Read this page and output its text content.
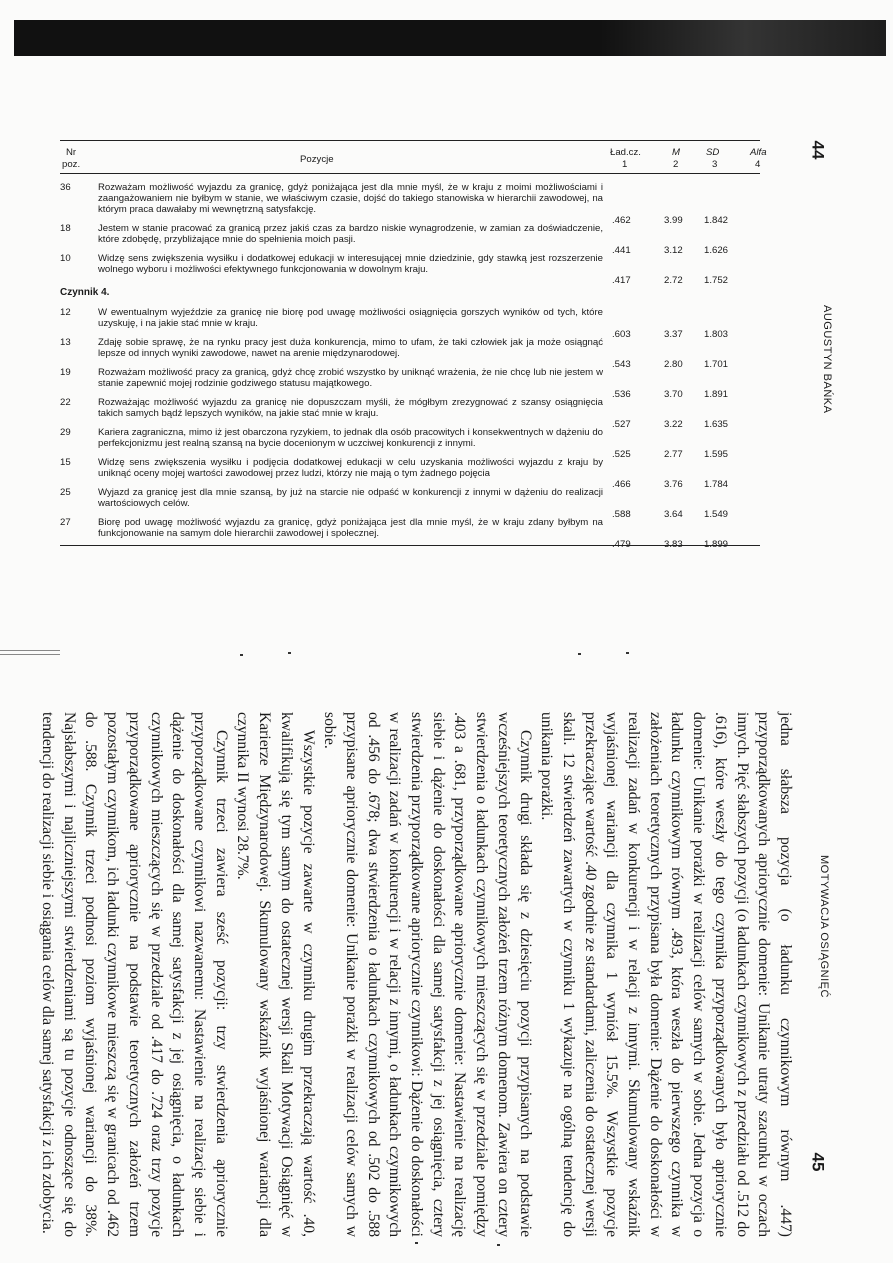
44
AUGUSTYN BAŃKA
Nr
poz.	Pozycje
Ład.cz.	M	SD	Alfa
1	2	3	4
36	Rozważam możliwość wyjazdu za granicę, gdyż poniżająca jest dla mnie myśl, że w kraju z moimi możliwościami i zaangażowaniem nie byłbym w stanie, we właściwym czasie, dojść do takiego stanowiska w hierarchii zawodowej, na którym praca dawałaby mi wewnętrzną satysfakcję.
.462	3.99 1.842
18	Jestem w stanie pracować za granicą przez jakiś czas za bardzo niskie wynagrodzenie, w zamian za doświadczenie, które zdobędę, przybliżające mnie do spełnienia moich pasji.
.441	3.12 1.626
10	Widzę sens zwiększenia wysiłku i dodatkowej edukacji w interesującej mnie dziedzinie, gdy stawką jest rozszerzenie wolnego wyboru i możliwości efektywnego funkcjonowania w dowolnym kraju.
.417	2.72 1.752
Czynnik 4.
12	W ewentualnym wyjeździe za granicę nie biorę pod uwagę możliwości osiągnięcia gorszych wyników od tych, które uzyskuję, i na jakie stać mnie w kraju.
.603	3.37 1.803
13	Zdaję sobie sprawę, że na rynku pracy jest duża konkurencja, mimo to ufam, że taki człowiek jak ja może osiągnąć lepsze od innych wyniki zawodowe, nawet na arenie międzynarodowej.
.543	2.80 1.701
19	Rozważam możliwość pracy za granicą, gdyż chcę zrobić wszystko by uniknąć wrażenia, że nie chcę lub nie jestem w stanie zapewnić mojej rodzinie godziwego statusu majątkowego.
.536	3.70 1.891
22	Rozważając możliwość wyjazdu za granicę nie dopuszczam myśli, że mógłbym zrezygnować z szansy osiągnięcia takich samych bądź lepszych wyników, na jakie stać mnie w kraju.
.527	3.22 1.635
29	Kariera zagraniczna, mimo iż jest obarczona ryzykiem, to jednak dla osób pracowitych i konsekwentnych w dążeniu do perfekcjonizmu jest realną szansą na bycie docenionym w uczciwej konkurencji z innymi.
.525	2.77 1.595
15	Widzę sens zwiększenia wysiłku i podjęcia dodatkowej edukacji w celu uzyskania możliwości wyjazdu z kraju by uniknąć oceny mojej wartości zawodowej przez ludzi, którzy nie mają o tym żadnego pojęcia
.466	3.76 1.784
25	Wyjazd za granicę jest dla mnie szansą, by już na starcie nie odpaść w konkurencji z innymi w dążeniu do realizacji wartościowych celów.
.588	3.64 1.549
27	Biorę pod uwagę możliwość wyjazdu za granicę, gdyż poniżająca jest dla mnie myśl, że w kraju zdany byłbym na funkcjonowanie na samym dole hierarchii zawodowej i społecznej.
.479	3.83 1.899
MOTYWACJA OSIĄGNIĘĆ
45

jedna słabsza pozycja (o ładunku czynnikowym równym .447) przyporządkowanych apriorycznie domenie: Unikanie utraty szacunku w oczach innych. Pięć słabszych pozycji (o ładunkach czynnikowych z przedziału od .512 do .616), które weszły do tego czynnika przyporządkowanych było apriorycznie domenie: Unikanie porażki w realizacji celów samych w sobie. Jedna pozycja o ładunku czynnikowym równym .493, która weszła do pierwszego czynnika w założeniach teoretycznych przypisana była domenie: Dążenie do doskonałości w realizacji zadań w konkurencji i w relacji z innymi. Skumulowany wskaźnik wyjaśnionej wariancji dla czynnika 1 wyniósł 15.5%. Wszystkie pozycje przekraczające wartość .40 zgodnie ze standardami, zaliczenia do ostatecznej wersji skali. 12 stwierdzeń zawartych w czynniku 1 wykazuje na ogólną tendencję do unikania porażki.

Czynnik drugi składa się z dziesięciu pozycji przypisanych na podstawie wcześniejszych teoretycznych założeń trzem różnym domenom. Zawiera on cztery stwierdzenia o ładunkach czynnikowych mieszczących się w przedziale pomiędzy .403 a .681, przyporządkowane apriorycznie domenie: Nastawienie na realizację siebie i dążenie do doskonałości dla samej satysfakcji z jej osiągnięcia, cztery stwierdzenia przyporządkowane apriorycznie czynnikowi: Dążenie do doskonałości w realizacji zadań w konkurencji i w relacji z innymi, o ładunkach czynnikowych od .456 do .678; dwa stwierdzenia o ładunkach czynnikowych od .502 do .588 przypisane apriorycznie domenie: Unikanie porażki w realizacji celów samych w sobie.

Wszystkie pozycje zawarte w czynniku drugim przekraczają wartość .40, kwalifikują się tym samym do ostatecznej wersji Skali Motywacji Osiągnięć w Karierze Międzynarodowej. Skumulowany wskaźnik wyjaśnionej wariancji dla czynnika II wynosi 28.7%.

Czynnik trzeci zawiera sześć pozycji: trzy stwierdzenia apriorycznie przyporządkowane czynnikowi nazwanemu: Nastawienie na realizację siebie i dążenie do doskonałości dla samej satysfakcji z jej osiągnięcia, o ładunkach czynnikowych mieszczących się w przedziale od .417 do .724 oraz trzy pozycje przyporządkowane apriorycznie na podstawie teoretycznych założeń trzem pozostałym czynnikom, ich ładunki czynnikowe mieszczą się w granicach od .462 do .588. Czynnik trzeci podnosi poziom wyjaśnionej wariancji do 38%. Najsłabszymi i najliczniejszymi stwierdzeniami są tu pozycje odnoszące się do tendencji do realizacji siebie i osiągania celów dla samej satysfakcji z ich zdobycia.
